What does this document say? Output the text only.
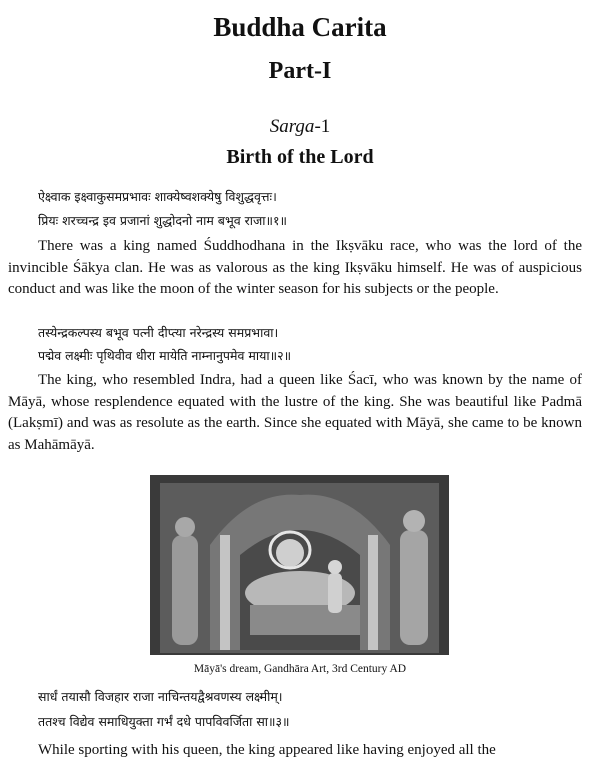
Buddha Carita
Part-I
Sarga-1
Birth of the Lord
ऐक्ष्वाक इक्ष्वाकुसमप्रभावः शाक्येष्वशक्येषु विशुद्धवृत्तः।
प्रियः शरच्चन्द्र इव प्रजानां शुद्धोदनो नाम बभूव राजा॥१॥

There was a king named Śuddhodhana in the Ikṣvāku race, who was the lord of the invincible Śākya clan. He was as valorous as the king Ikṣvāku himself. He was of auspicious conduct and was like the moon of the winter season for his subjects or the people.

तस्येन्द्रकल्पस्य बभूव पत्नी दीप्त्या नरेन्द्रस्य समप्रभावा।
पद्मेव लक्ष्मीः पृथिवीव धीरा मायेति नाम्नानुपमेव माया॥२॥

The king, who resembled Indra, had a queen like Śacī, who was known by the name of Māyā, whose resplendence equated with the lustre of the king. She was beautiful like Padmā (Lakṣmī) and was as resolute as the earth. Since she equated with Māyā, she came to be known as Mahāmāyā.

Māyā's dream, Gandhāra Art, 3rd Century AD
सार्धं तयासौ विजहार राजा नाचिन्तयद्वैश्रवणस्य लक्ष्मीम्।
ततश्च विद्येव समाधियुक्ता गर्भं दधे पापविवर्जिता सा॥३॥

While sporting with his queen, the king appeared like having enjoyed all the
